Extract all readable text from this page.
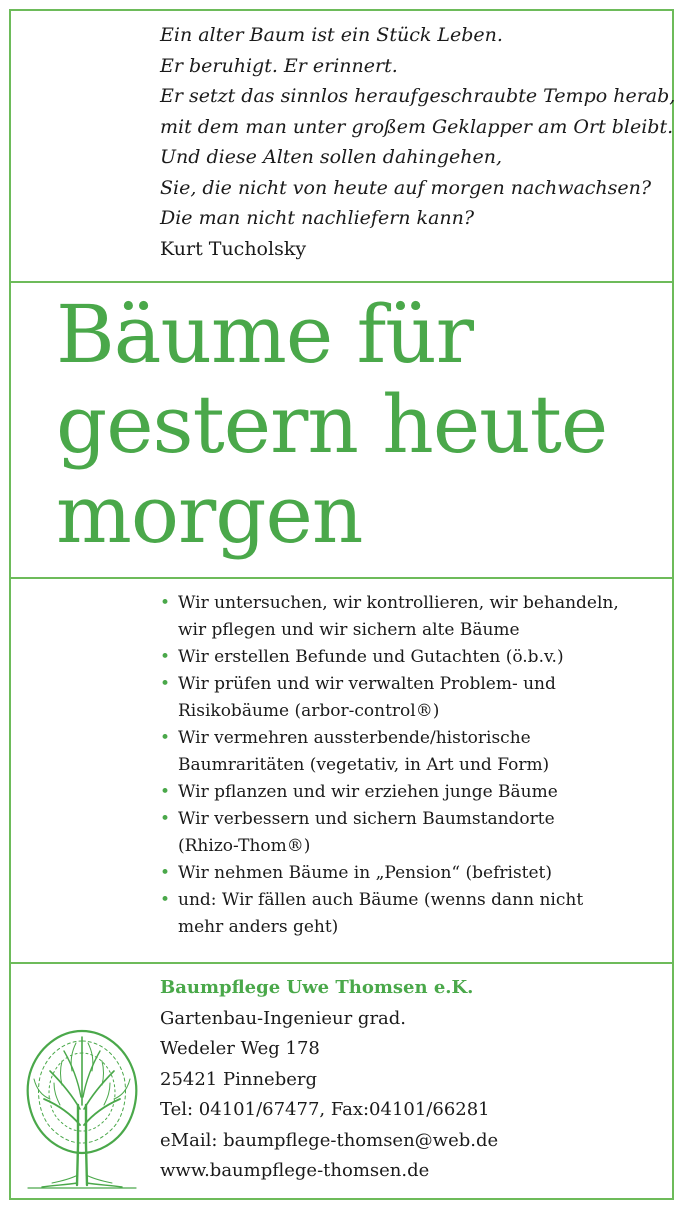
Ein alter Baum ist ein Stück Leben.
Er beruhigt. Er erinnert.
Er setzt das sinnlos heraufgeschraubte Tempo herab,
mit dem man unter großem Geklapper am Ort bleibt.
Und diese Alten sollen dahingehen,
Sie, die nicht von heute auf morgen nachwachsen?
Die man nicht nachliefern kann?
Kurt Tucholsky
Bäume für
gestern heute
morgen
• Wir untersuchen, wir kontrollieren, wir behandeln,
wir pflegen und wir sichern alte Bäume
• Wir erstellen Befunde und Gutachten (ö.b.v.)
• Wir prüfen und wir verwalten Problem- und
Risikobäume (arbor-control®)
• Wir vermehren aussterbende/historische
Baumraritäten (vegetativ, in Art und Form)
• Wir pflanzen und wir erziehen junge Bäume
• Wir verbessern und sichern Baumstandorte
(Rhizo-Thom®)
• Wir nehmen Bäume in „Pension“ (befristet)
• und: Wir fällen auch Bäume (wenns dann nicht
mehr anders geht)
Baumpflege Uwe Thomsen e.K.
Gartenbau-Ingenieur grad.
Wedeler Weg 178
25421 Pinneberg
Tel: 04101/67477, Fax:04101/66281
eMail: baumpflege-thomsen@web.de
www.baumpflege-thomsen.de
